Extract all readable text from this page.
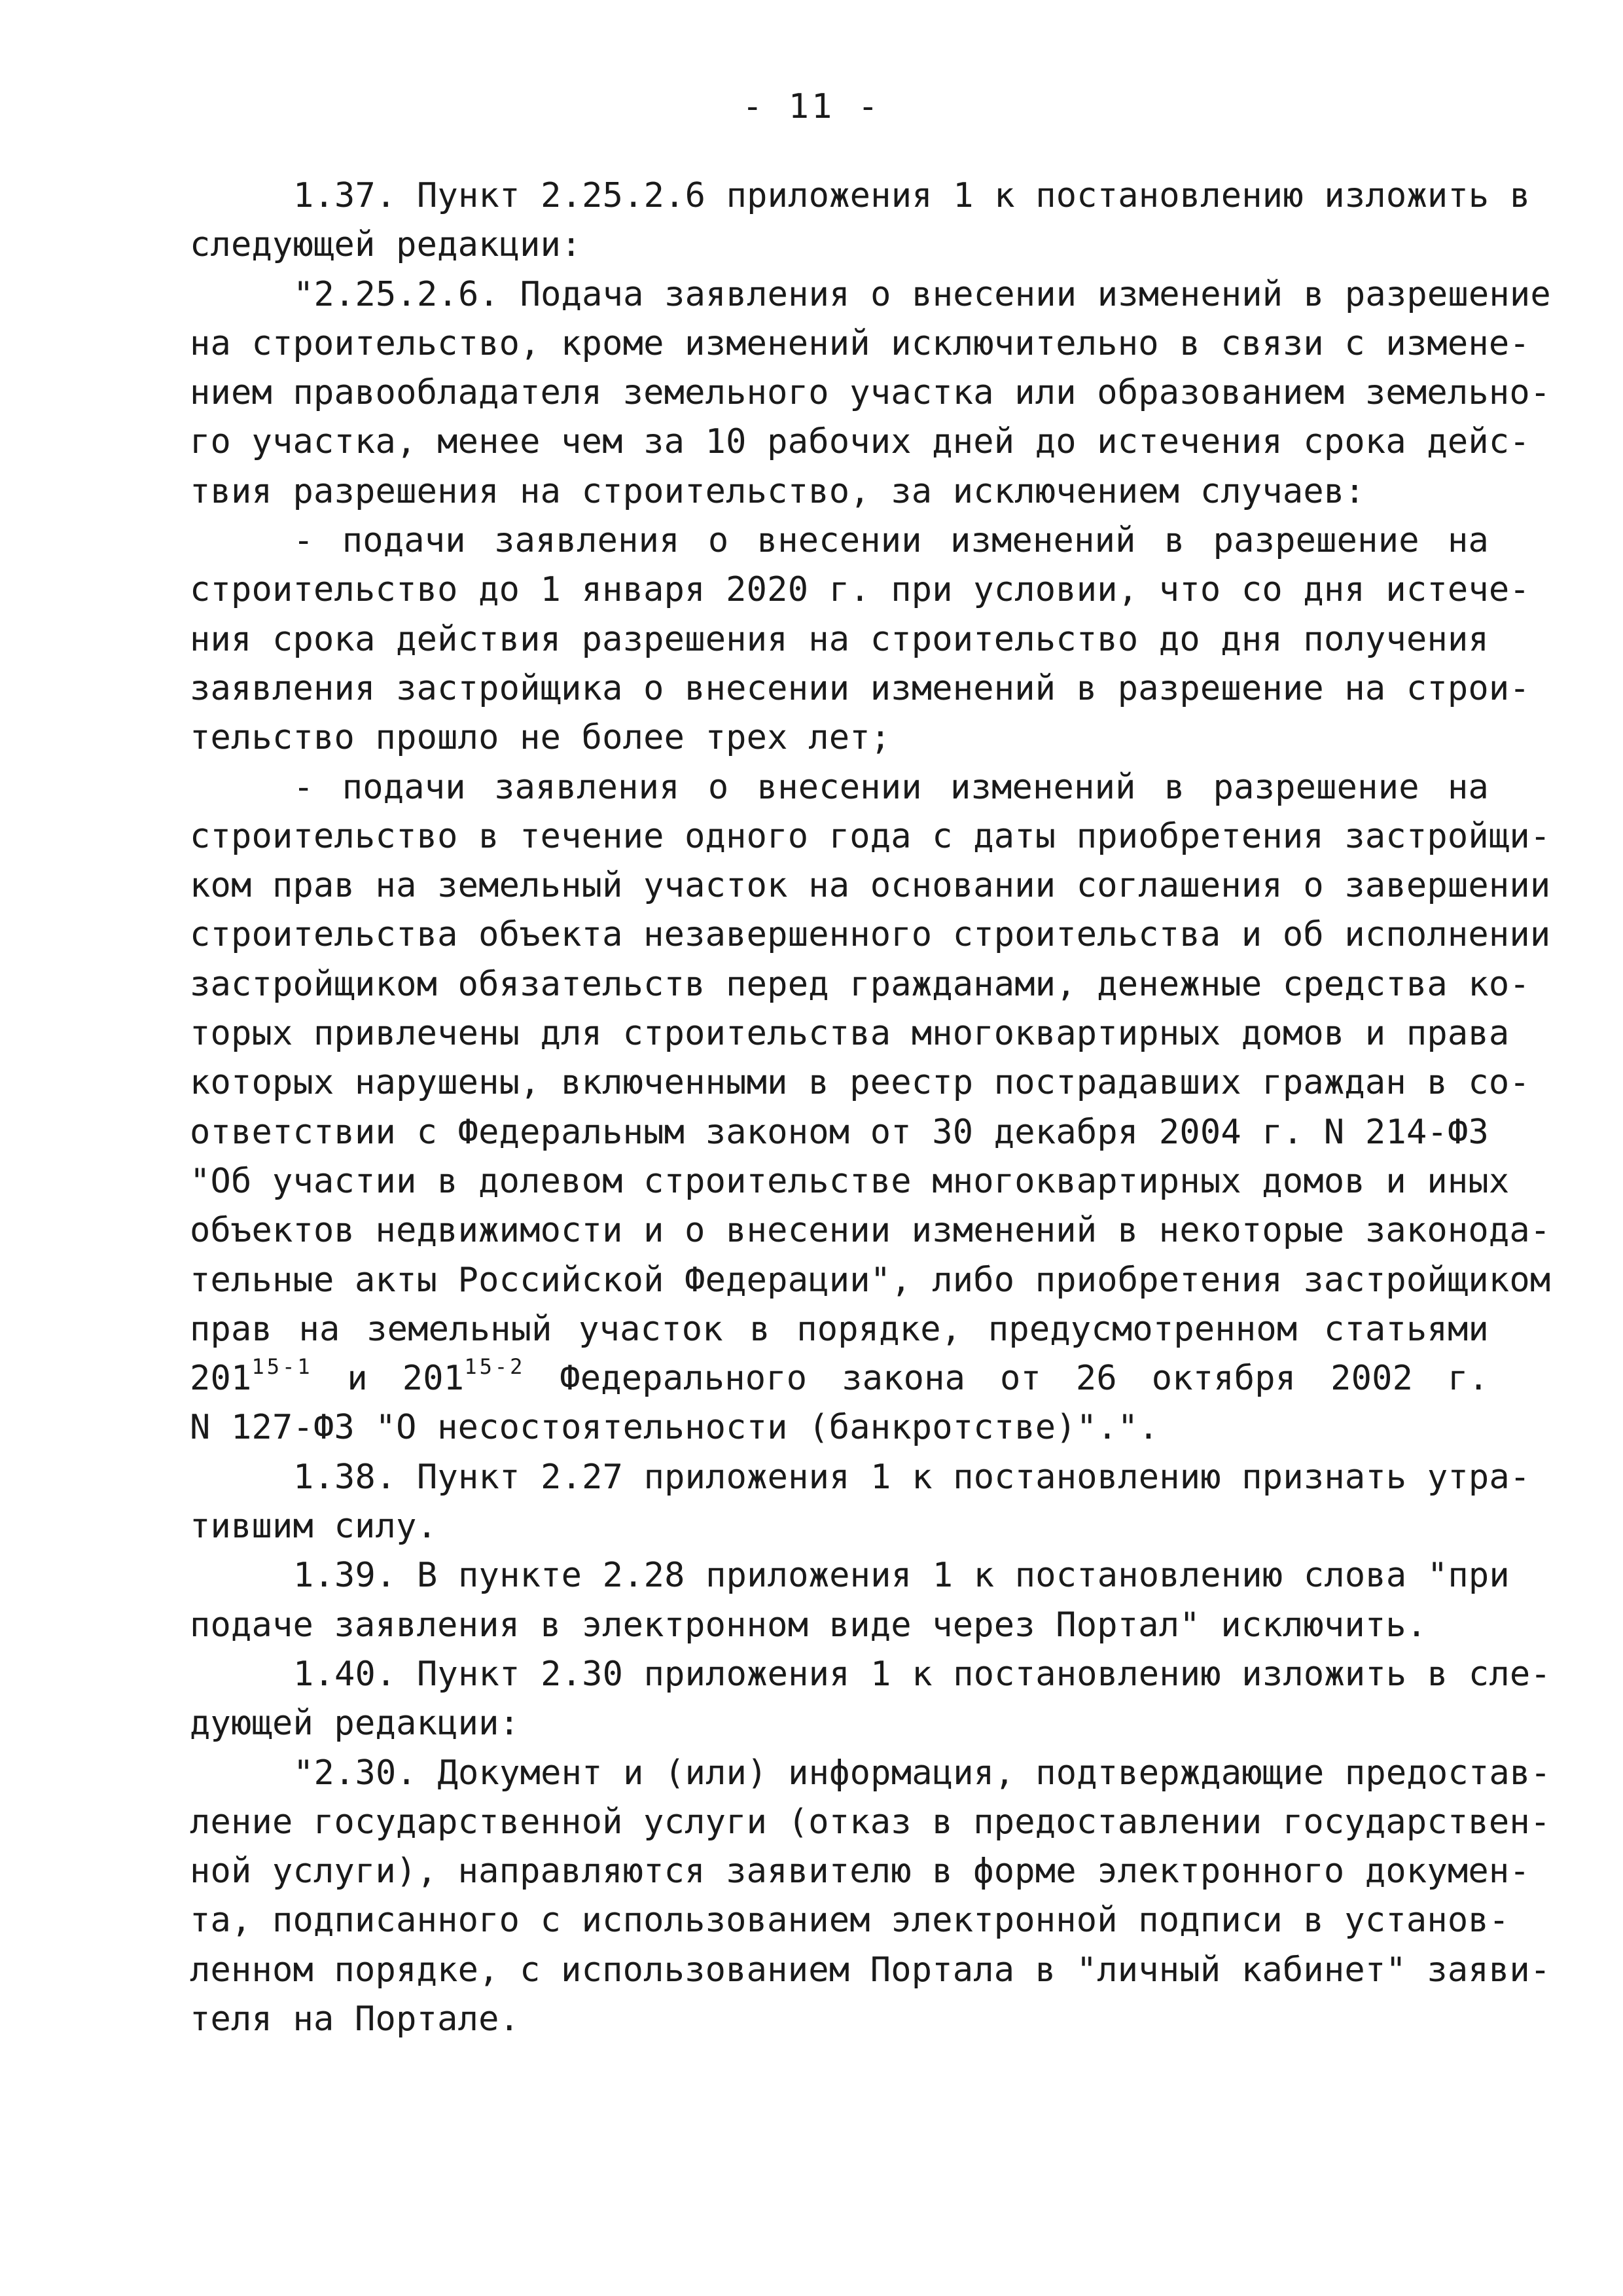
- 11 -
1.37. Пункт 2.25.2.6 приложения 1 к постановлению изложить в
следующей редакции:
"2.25.2.6. Подача заявления о внесении изменений в разрешение
на строительство, кроме изменений исключительно в связи с измене-
нием правообладателя земельного участка или образованием земельно-
го участка, менее чем за 10 рабочих дней до истечения срока дейс-
твия разрешения на строительство, за исключением случаев:
- подачи заявления о внесении изменений в разрешение на
строительство до 1 января 2020 г. при условии, что со дня истече-
ния срока действия разрешения на строительство до дня получения
заявления застройщика о внесении изменений в разрешение на строи-
тельство прошло не более трех лет;
- подачи заявления о внесении изменений в разрешение на
строительство в течение одного года с даты приобретения застройщи-
ком прав на земельный участок на основании соглашения о завершении
строительства объекта незавершенного строительства и об исполнении
застройщиком обязательств перед гражданами, денежные средства ко-
торых привлечены для строительства многоквартирных домов и права
которых нарушены, включенными в реестр пострадавших граждан в со-
ответствии с Федеральным законом от 30 декабря 2004 г. N 214-ФЗ
"Об участии в долевом строительстве многоквартирных домов и иных
объектов недвижимости и о внесении изменений в некоторые законода-
тельные акты Российской Федерации", либо приобретения застройщиком
прав на земельный участок в порядке, предусмотренном статьями
201$^{15-1}$ и 201$^{15-2}$ Федерального закона от 26 октября 2002 г.
N 127-ФЗ "О несостоятельности (банкротстве)".".
1.38. Пункт 2.27 приложения 1 к постановлению признать утра-
тившим силу.
1.39. В пункте 2.28 приложения 1 к постановлению слова "при
подаче заявления в электронном виде через Портал" исключить.
1.40. Пункт 2.30 приложения 1 к постановлению изложить в сле-
дующей редакции:
"2.30. Документ и (или) информация, подтверждающие предостав-
ление государственной услуги (отказ в предоставлении государствен-
ной услуги), направляются заявителю в форме электронного докумен-
та, подписанного с использованием электронной подписи в установ-
ленном порядке, с использованием Портала в "личный кабинет" заяви-
теля на Портале.
